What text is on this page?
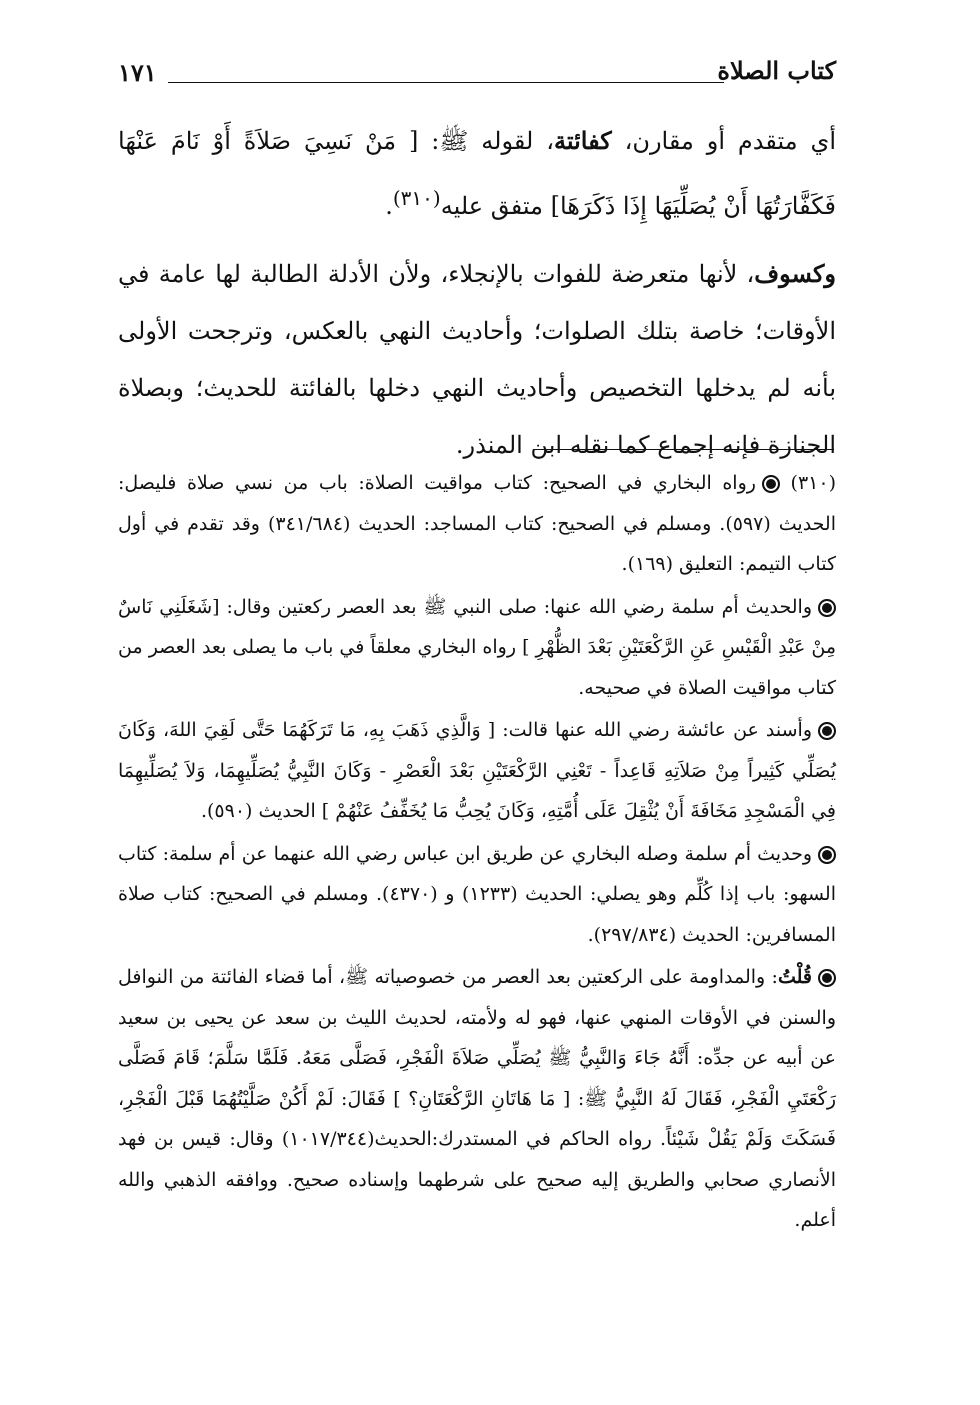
كتاب الصلاة
١٧١

أي متقدم أو مقارن، كفائتة، لقوله ﷺ: [ مَنْ نَسِيَ صَلاَةً أَوْ نَامَ عَنْهَا فَكَفَّارَتُهَا أَنْ يُصَلِّيَهَا إِذَا ذَكَرَهَا] متفق عليه$^{(٣١٠)}$.

وكسوف، لأنها متعرضة للفوات بالإنجلاء، ولأن الأدلة الطالبة لها عامة في الأوقات؛ خاصة بتلك الصلوات؛ وأحاديث النهي بالعكس، وترجحت الأولى بأنه لم يدخلها التخصيص وأحاديث النهي دخلها بالفائتة للحديث؛ وبصلاة الجنازة فإنه إجماع كما نقله ابن المنذر.

(٣١٠) رواه البخاري في الصحيح: كتاب مواقيت الصلاة: باب من نسي صلاة فليصل: الحديث (٥٩٧). ومسلم في الصحيح: كتاب المساجد: الحديث (٣٤١/٦٨٤) وقد تقدم في أول كتاب التيمم: التعليق (١٦٩).

والحديث أم سلمة رضي الله عنها: صلى النبي ﷺ بعد العصر ركعتين وقال: [شَغَلَنِي نَاسٌ مِنْ عَبْدِ الْقَيْسِ عَنِ الرَّكْعَتَيْنِ بَعْدَ الظُّهْرِ ] رواه البخاري معلقاً في باب ما يصلى بعد العصر من كتاب مواقيت الصلاة في صحيحه.

وأسند عن عائشة رضي الله عنها قالت: [ وَالَّذِي ذَهَبَ بِهِ، مَا تَرَكَهُمَا حَتَّى لَقِيَ اللهَ، وَكَانَ يُصَلِّي كَثِيراً مِنْ صَلاَتِهِ قَاعِداً - تَعْنِي الرَّكْعَتَيْنِ بَعْدَ الْعَصْرِ - وَكَانَ النَّبِيُّ يُصَلِّيهِمَا، وَلاَ يُصَلِّيهِمَا فِي الْمَسْجِدِ مَخَافَةَ أَنْ يُثْقِلَ عَلَى أُمَّتِهِ، وَكَانَ يُحِبُّ مَا يُخَفِّفُ عَنْهُمْ ] الحديث (٥٩٠).

وحديث أم سلمة وصله البخاري عن طريق ابن عباس رضي الله عنهما عن أم سلمة: كتاب السهو: باب إذا كُلِّم وهو يصلي: الحديث (١٢٣٣) و (٤٣٧٠). ومسلم في الصحيح: كتاب صلاة المسافرين: الحديث (٢٩٧/٨٣٤).

قُلْتُ: والمداومة على الركعتين بعد العصر من خصوصياته ﷺ، أما قضاء الفائتة من النوافل والسنن في الأوقات المنهي عنها، فهو له ولأمته، لحديث الليث بن سعد عن يحيى بن سعيد عن أبيه عن جدِّه: أَنَّهُ جَاءَ وَالنَّبِيُّ ﷺ يُصَلِّي صَلاَةَ الْفَجْرِ، فَصَلَّى مَعَهُ. فَلَمَّا سَلَّمَ؛ قَامَ فَصَلَّى رَكْعَتَيِ الْفَجْرِ، فَقَالَ لَهُ النَّبِيُّ ﷺ: [ مَا هَاتَانِ الرَّكْعَتَانِ؟ ] فَقَالَ: لَمْ أَكُنْ صَلَّيْتُهُمَا قَبْلَ الْفَجْرِ، فَسَكَتَ وَلَمْ يَقُلْ شَيْئاً. رواه الحاكم في المستدرك:الحديث(١٠١٧/٣٤٤) وقال: قيس بن فهد الأنصاري صحابي والطريق إليه صحيح على شرطهما وإسناده صحيح. ووافقه الذهبي والله أعلم.
